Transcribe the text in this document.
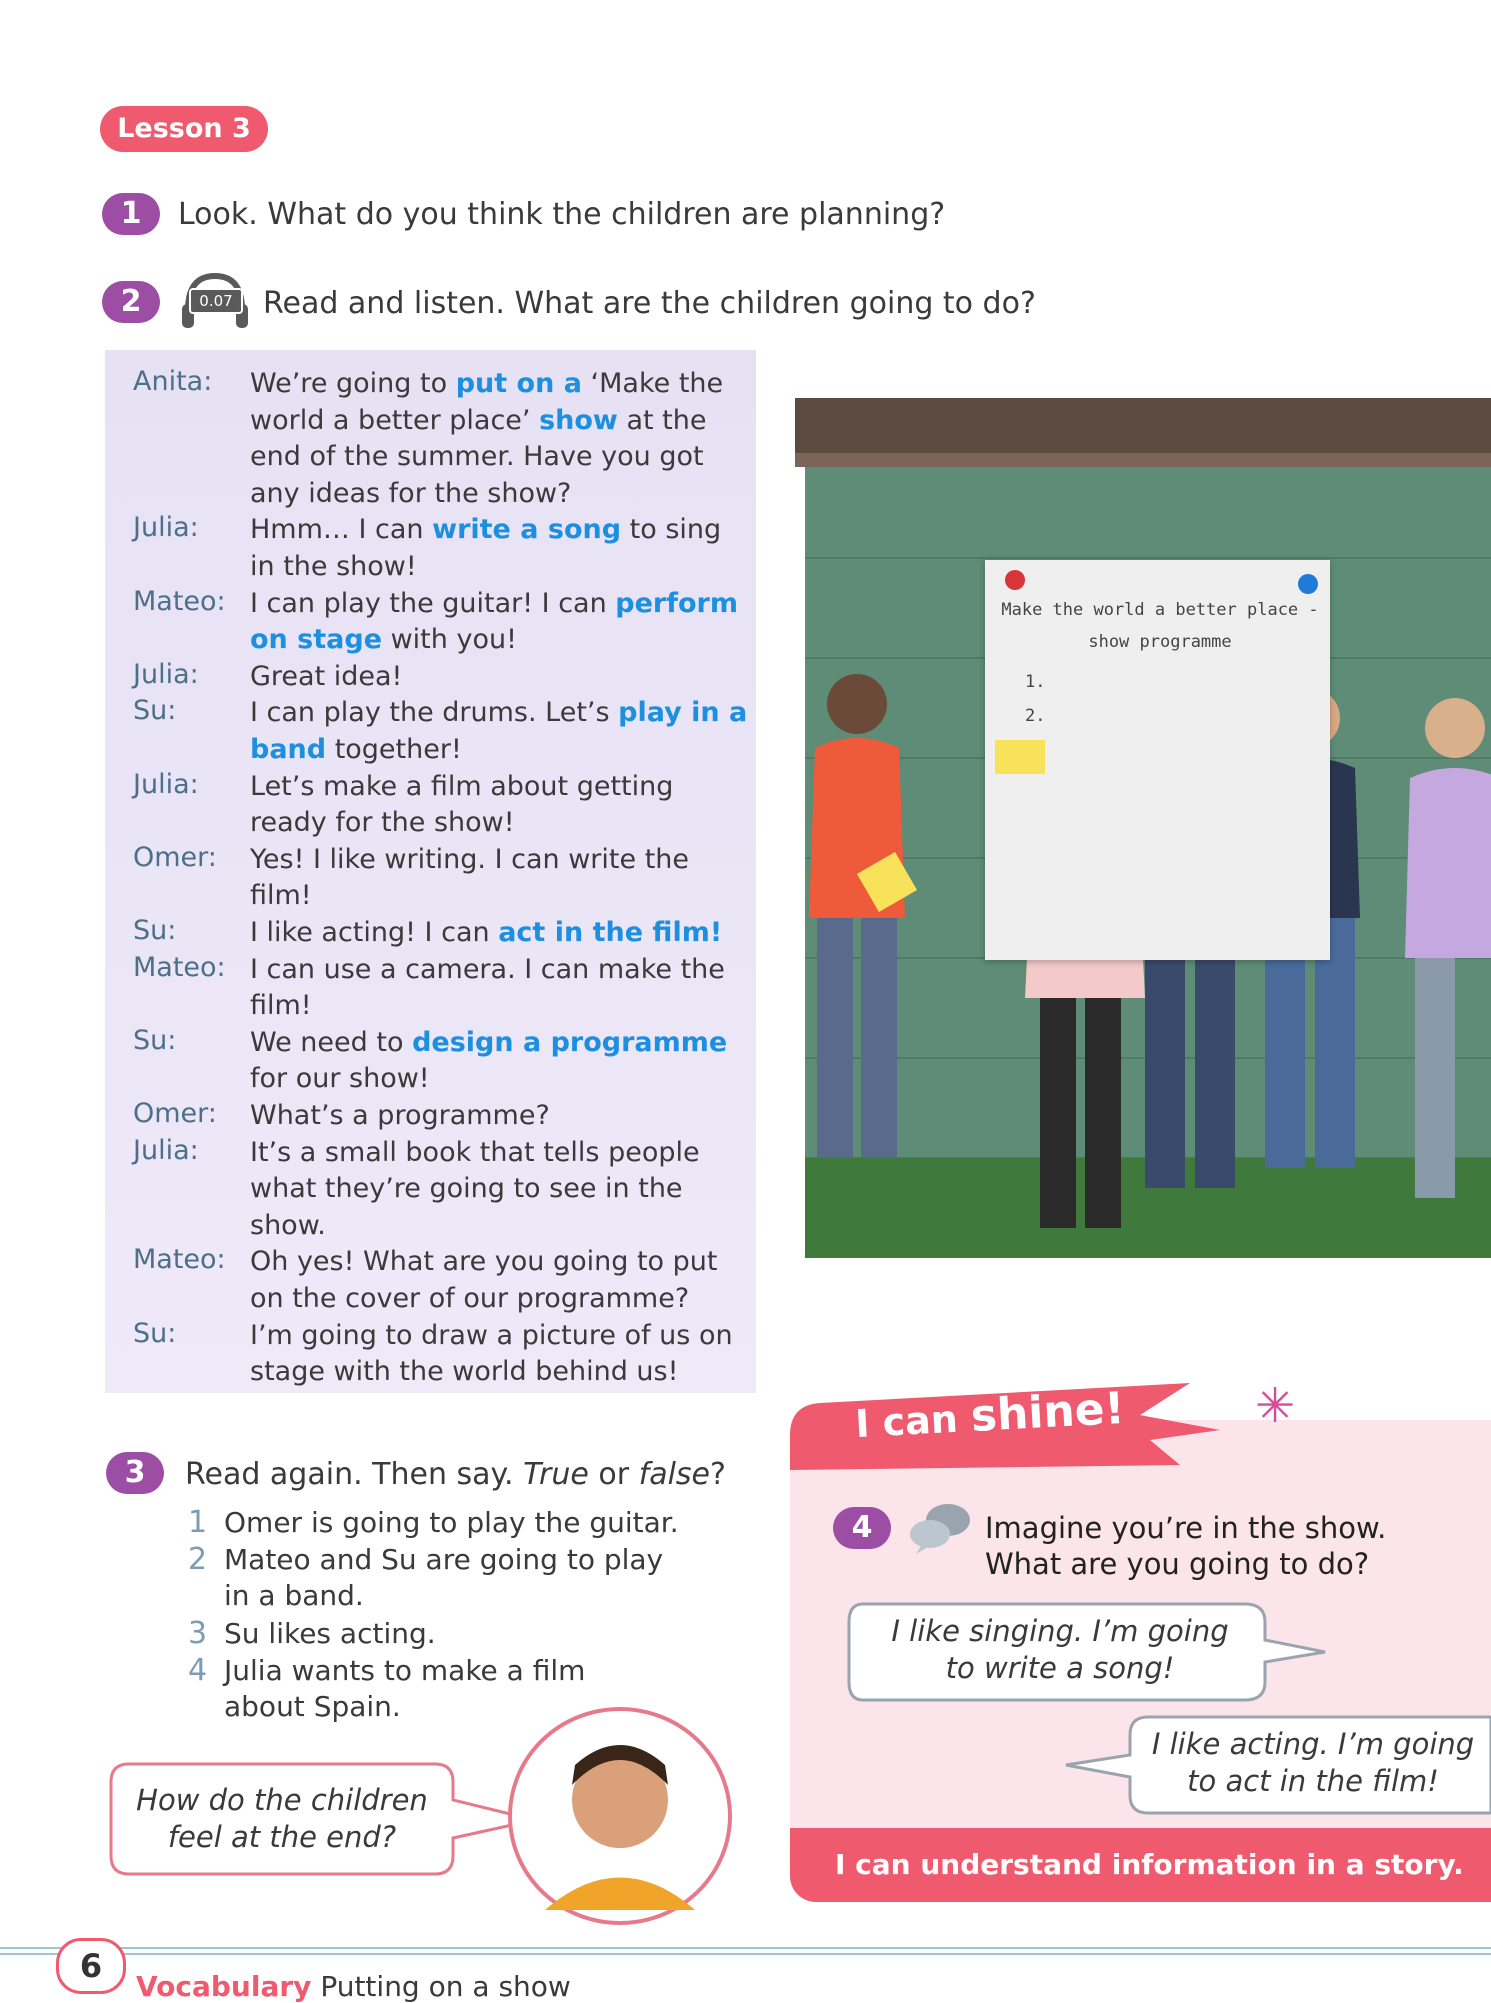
Lesson 3
1	Look. What do you think the children are planning?
2	0.07	Read and listen. What are the children going to do?
Anita: We’re going to put on a ‘Make the world a better place’ show at the end of the summer. Have you got any ideas for the show?
Julia: Hmm… I can write a song to sing in the show!
Mateo: I can play the guitar! I can perform on stage with you!
Julia: Great idea!
Su:	I can play the drums. Let’s play in a band together!
Julia: Let’s make a film about getting ready for the show!
Omer: Yes! I like writing. I can write the film!
Su:	I like acting! I can act in the film!
Mateo: I can use a camera. I can make the film!
Su:	We need to design a programme for our show!
Omer: What’s a programme?
Julia: It’s a small book that tells people what they’re going to see in the show.
Mateo: Oh yes! What are you going to put on the cover of our programme?
Su:	I’m going to draw a picture of us on stage with the world behind us!
Make the world a better place -
show programme
1.
2.
3	Read again. Then say. True or false?
1 Omer is going to play the guitar.
2 Mateo and Su are going to play
in a band.
3 Su likes acting.
4 Julia wants to make a film
about Spain.
How do the children
feel at the end?
I can shine!	✳
4	Imagine you’re in the show.
What are you going to do?
I like singing. I’m going
to write a song!
I like acting. I’m going
to act in the film!
I can understand information in a story.
6
Vocabulary Putting on a show
